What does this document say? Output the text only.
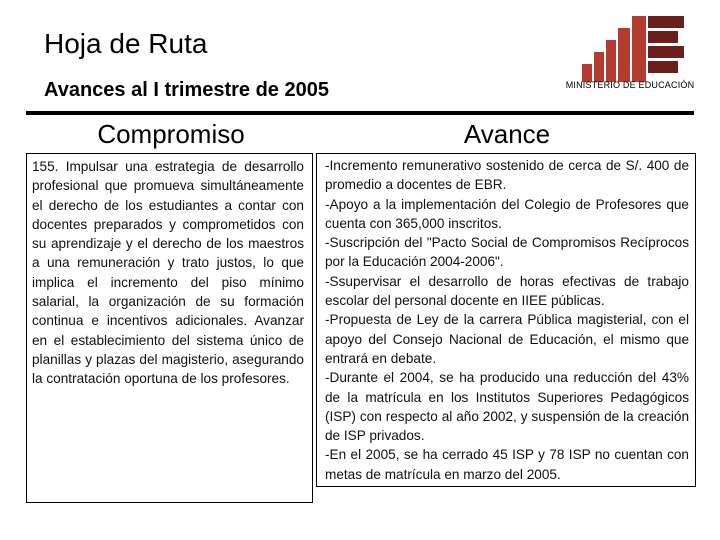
Hoja de Ruta
Avances al I trimestre de 2005	MINISTERIO DE EDUCACIÓN
Compromiso	Avance

155. Impulsar una estrategia de desarrollo profesional que promueva simultáneamente el derecho de los estudiantes a contar con docentes preparados y comprometidos con su aprendizaje y el derecho de los maestros a una remuneración y trato justos, lo que implica el incremento del piso mínimo salarial, la organización de su formación continua e incentivos adicionales. Avanzar en el establecimiento del sistema único de planillas y plazas del magisterio, asegurando la contratación oportuna de los profesores.

-Incremento remunerativo sostenido de cerca de S/. 400 de promedio a docentes de EBR.

-Apoyo a la implementación del Colegio de Profesores que cuenta con 365,000 inscritos.

-Suscripción del "Pacto Social de Compromisos Recíprocos por la Educación 2004-2006".

-Ssupervisar el desarrollo de horas efectivas de trabajo escolar del personal docente en IIEE públicas.

-Propuesta de Ley de la carrera Pública magisterial, con el apoyo del Consejo Nacional de Educación, el mismo que entrará en debate.

-Durante el 2004, se ha producido una reducción del 43% de la matrícula en los Institutos Superiores Pedagógicos (ISP) con respecto al año 2002, y suspensión de la creación de ISP privados.

-En el 2005, se ha cerrado 45 ISP y 78 ISP no cuentan con metas de matrícula en marzo del 2005.
